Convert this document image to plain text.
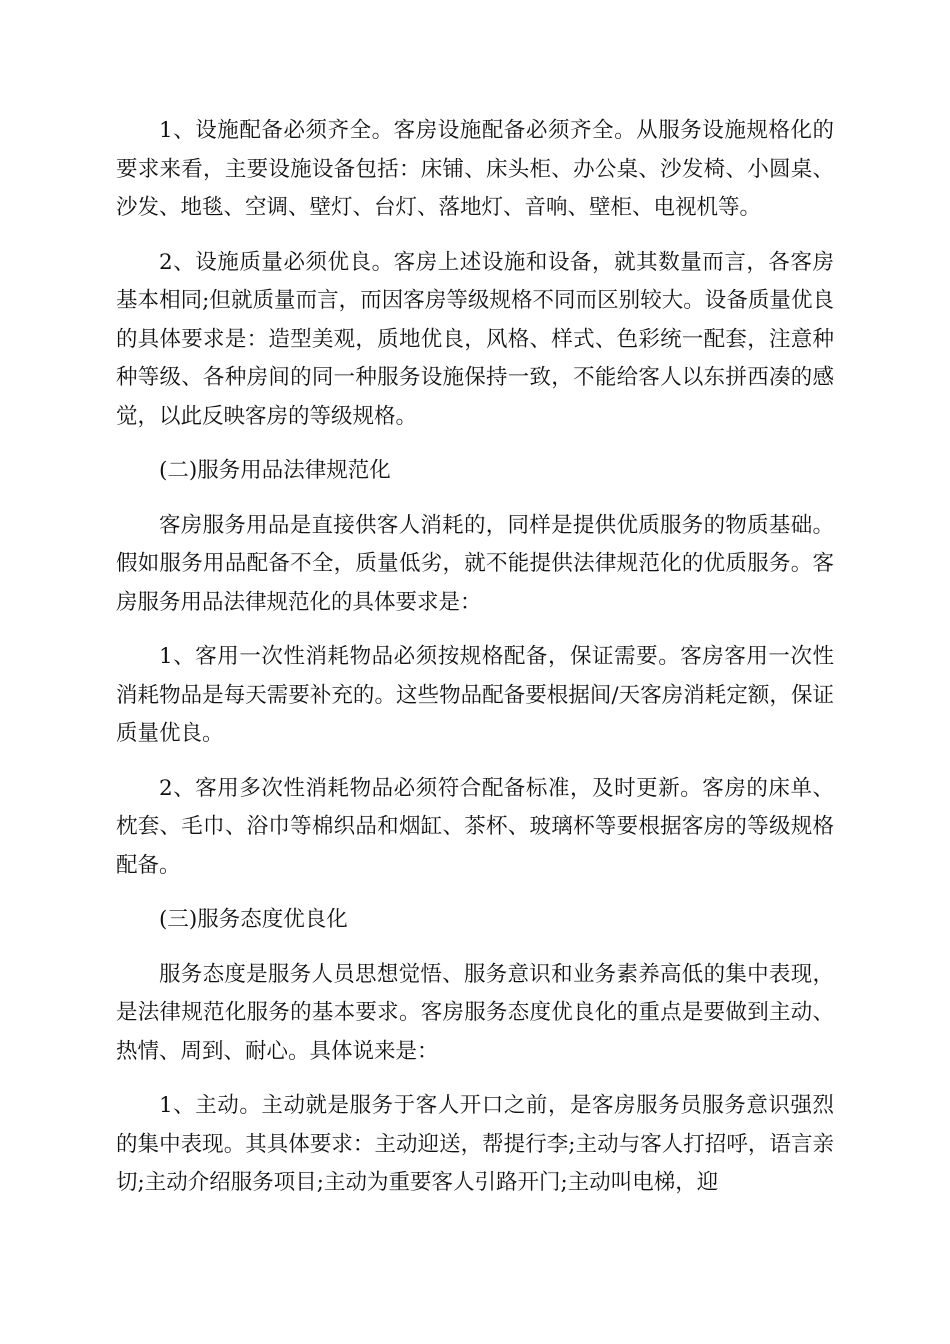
1、设施配备必须齐全。客房设施配备必须齐全。从服务设施规格化的要求来看，主要设施设备包括：床铺、床头柜、办公桌、沙发椅、小圆桌、沙发、地毯、空调、壁灯、台灯、落地灯、音响、壁柜、电视机等。

2、设施质量必须优良。客房上述设施和设备，就其数量而言，各客房基本相同;但就质量而言，而因客房等级规格不同而区别较大。设备质量优良的具体要求是：造型美观，质地优良，风格、样式、色彩统一配套，注意种种等级、各种房间的同一种服务设施保持一致，不能给客人以东拼西凑的感觉，以此反映客房的等级规格。

(二)服务用品法律规范化

客房服务用品是直接供客人消耗的，同样是提供优质服务的物质基础。假如服务用品配备不全，质量低劣，就不能提供法律规范化的优质服务。客房服务用品法律规范化的具体要求是：

1、客用一次性消耗物品必须按规格配备，保证需要。客房客用一次性消耗物品是每天需要补充的。这些物品配备要根据间/天客房消耗定额，保证质量优良。

2、客用多次性消耗物品必须符合配备标准，及时更新。客房的床单、枕套、毛巾、浴巾等棉织品和烟缸、茶杯、玻璃杯等要根据客房的等级规格配备。

(三)服务态度优良化

服务态度是服务人员思想觉悟、服务意识和业务素养高低的集中表现，是法律规范化服务的基本要求。客房服务态度优良化的重点是要做到主动、热情、周到、耐心。具体说来是：

1、主动。主动就是服务于客人开口之前，是客房服务员服务意识强烈的集中表现。其具体要求：主动迎送，帮提行李;主动与客人打招呼，语言亲切;主动介绍服务项目;主动为重要客人引路开门;主动叫电梯，迎
